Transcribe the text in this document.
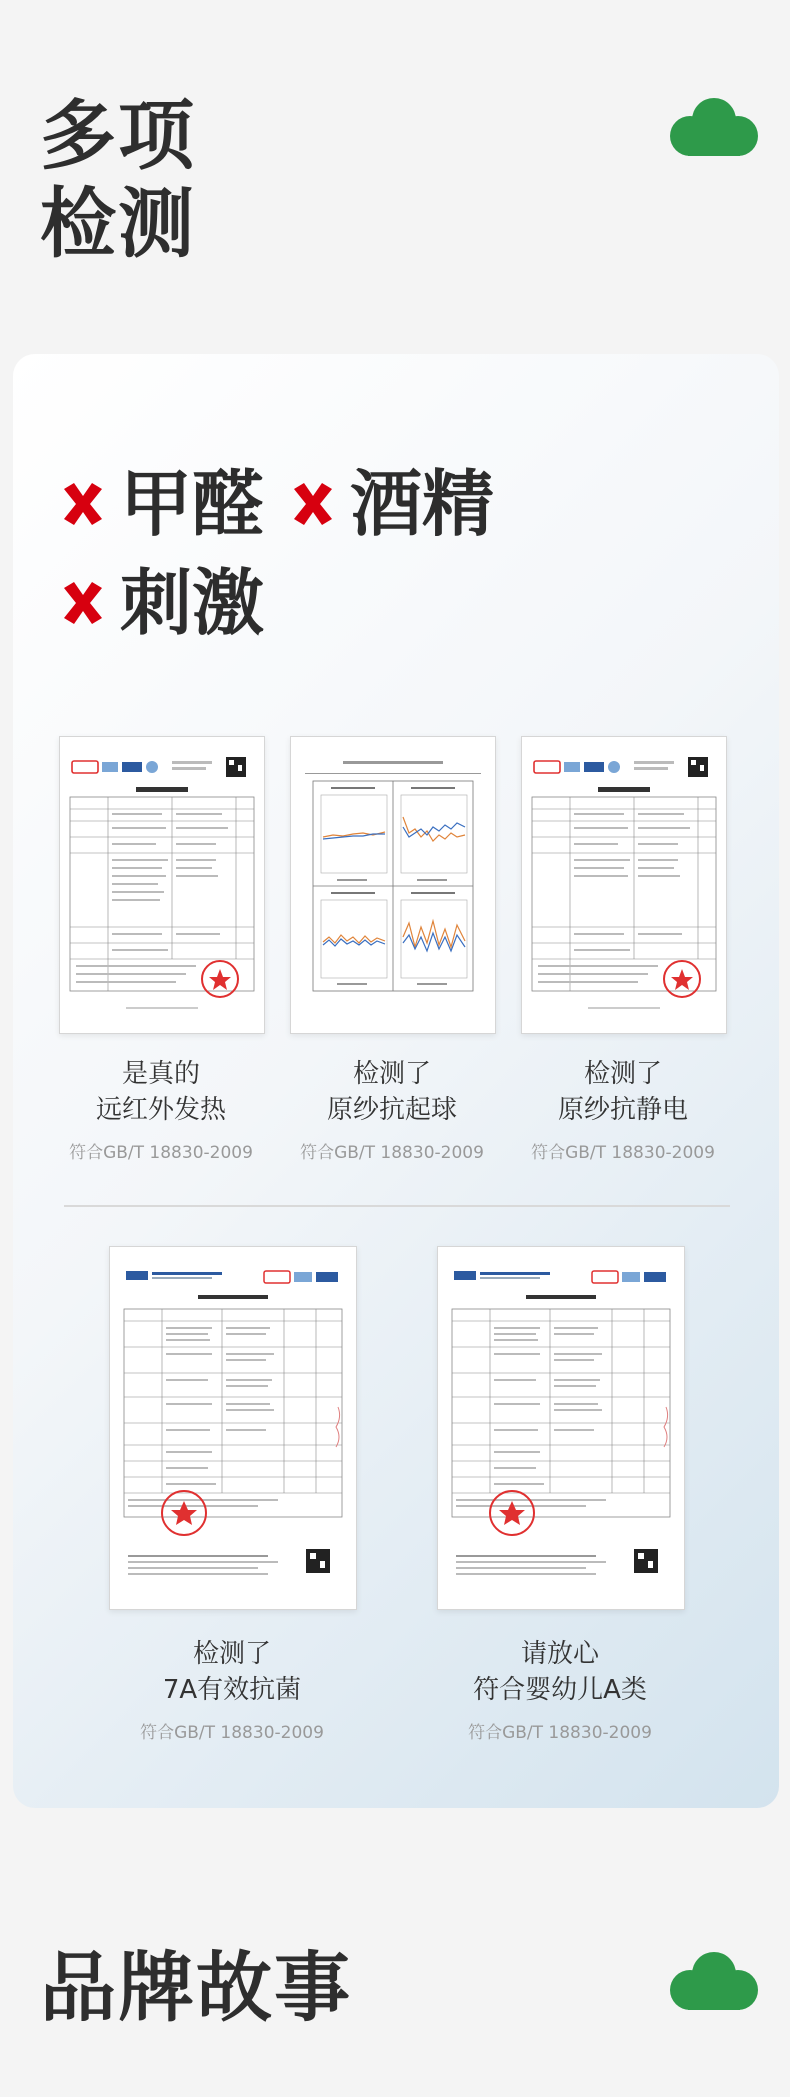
多项
检测
甲醛 酒精
刺激
是真的
远红外发热
符合GB/T 18830-2009
检测了
原纱抗起球
符合GB/T 18830-2009
检测了
原纱抗静电
符合GB/T 18830-2009
检测了
7A有效抗菌
符合GB/T 18830-2009
请放心
符合婴幼儿A类
符合GB/T 18830-2009
品牌故事
